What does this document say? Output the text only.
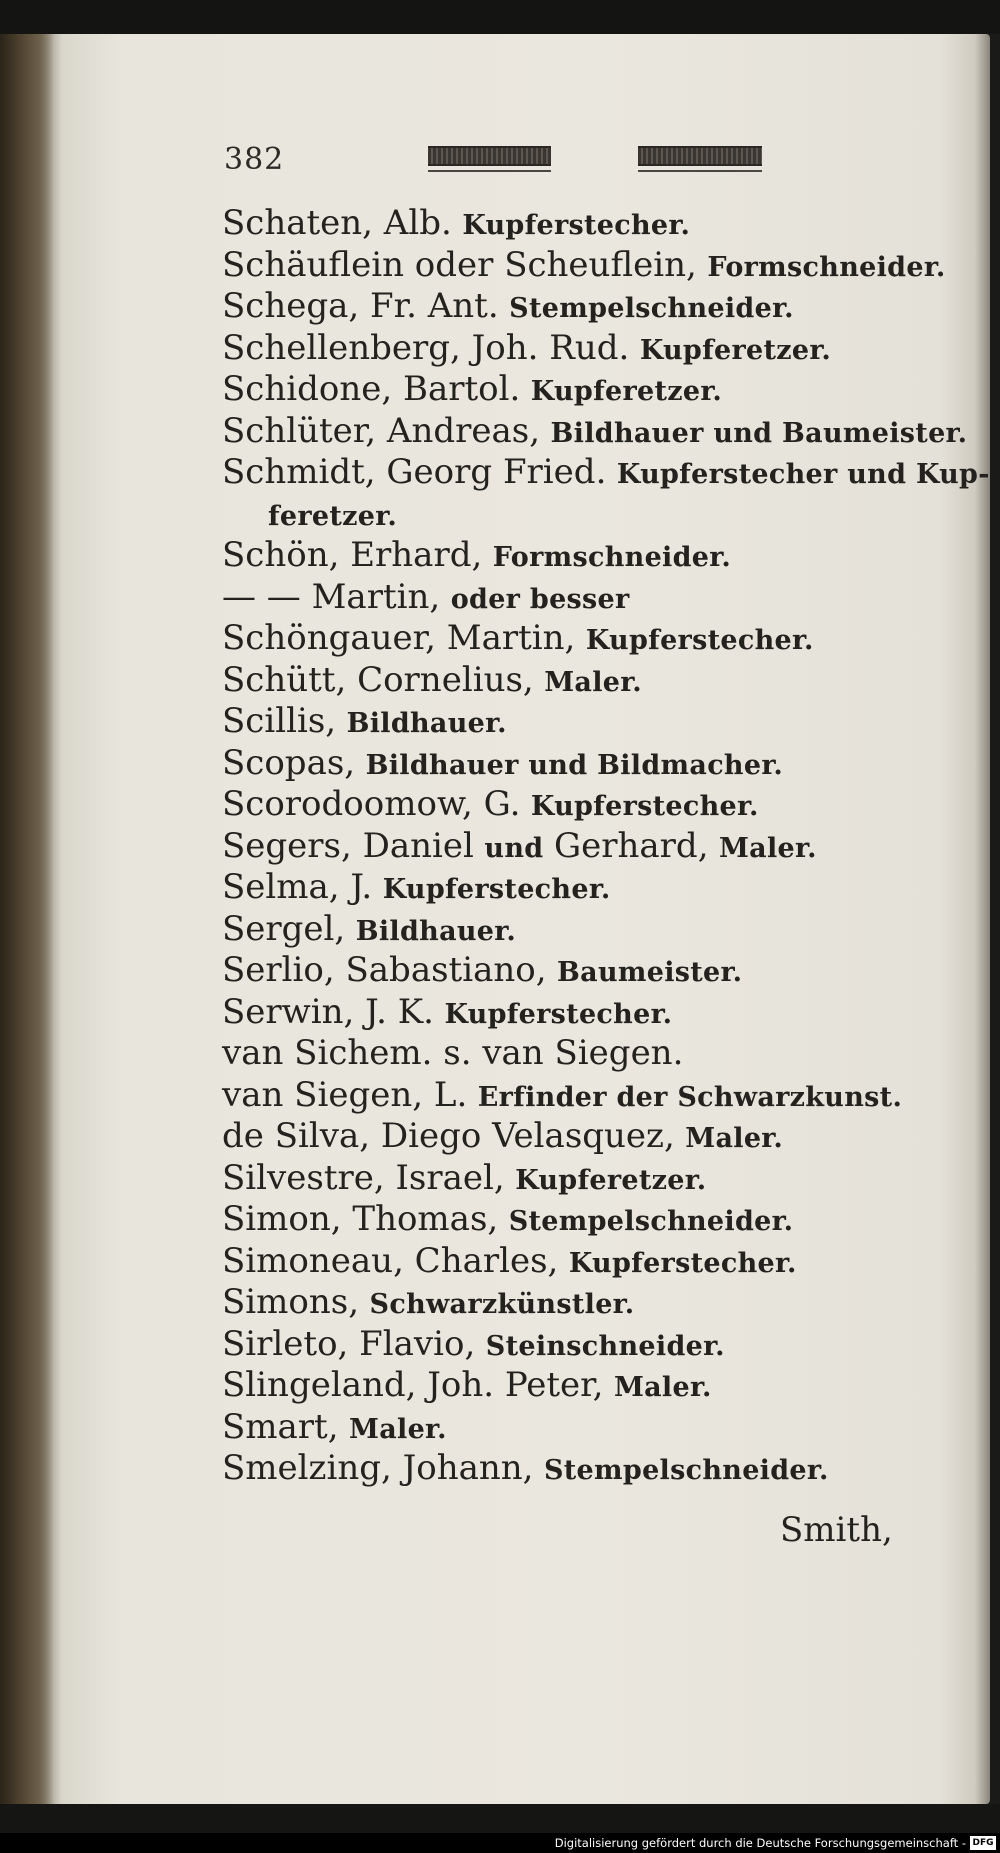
382
Schaten, Alb. Kupferstecher.
Schäuflein oder Scheuflein, Formschneider.
Schega, Fr. Ant. Stempelschneider.
Schellenberg, Joh. Rud. Kupferetzer.
Schidone, Bartol. Kupferetzer.
Schlüter, Andreas, Bildhauer und Baumeister.
Schmidt, Georg Fried. Kupferstecher und Kup-
feretzer.
Schön, Erhard, Formschneider.
— — Martin, oder besser
Schöngauer, Martin, Kupferstecher.
Schütt, Cornelius, Maler.
Scillis, Bildhauer.
Scopas, Bildhauer und Bildmacher.
Scorodoomow, G. Kupferstecher.
Segers, Daniel und Gerhard, Maler.
Selma, J. Kupferstecher.
Sergel, Bildhauer.
Serlio, Sabastiano, Baumeister.
Serwin, J. K. Kupferstecher.
van Sichem. s. van Siegen.
van Siegen, L. Erfinder der Schwarzkunst.
de Silva, Diego Velasquez, Maler.
Silvestre, Israel, Kupferetzer.
Simon, Thomas, Stempelschneider.
Simoneau, Charles, Kupferstecher.
Simons, Schwarzkünstler.
Sirleto, Flavio, Steinschneider.
Slingeland, Joh. Peter, Maler.
Smart, Maler.
Smelzing, Johann, Stempelschneider.
Smith,
Digitalisierung gefördert durch die Deutsche Forschungsgemeinschaft - DFG
